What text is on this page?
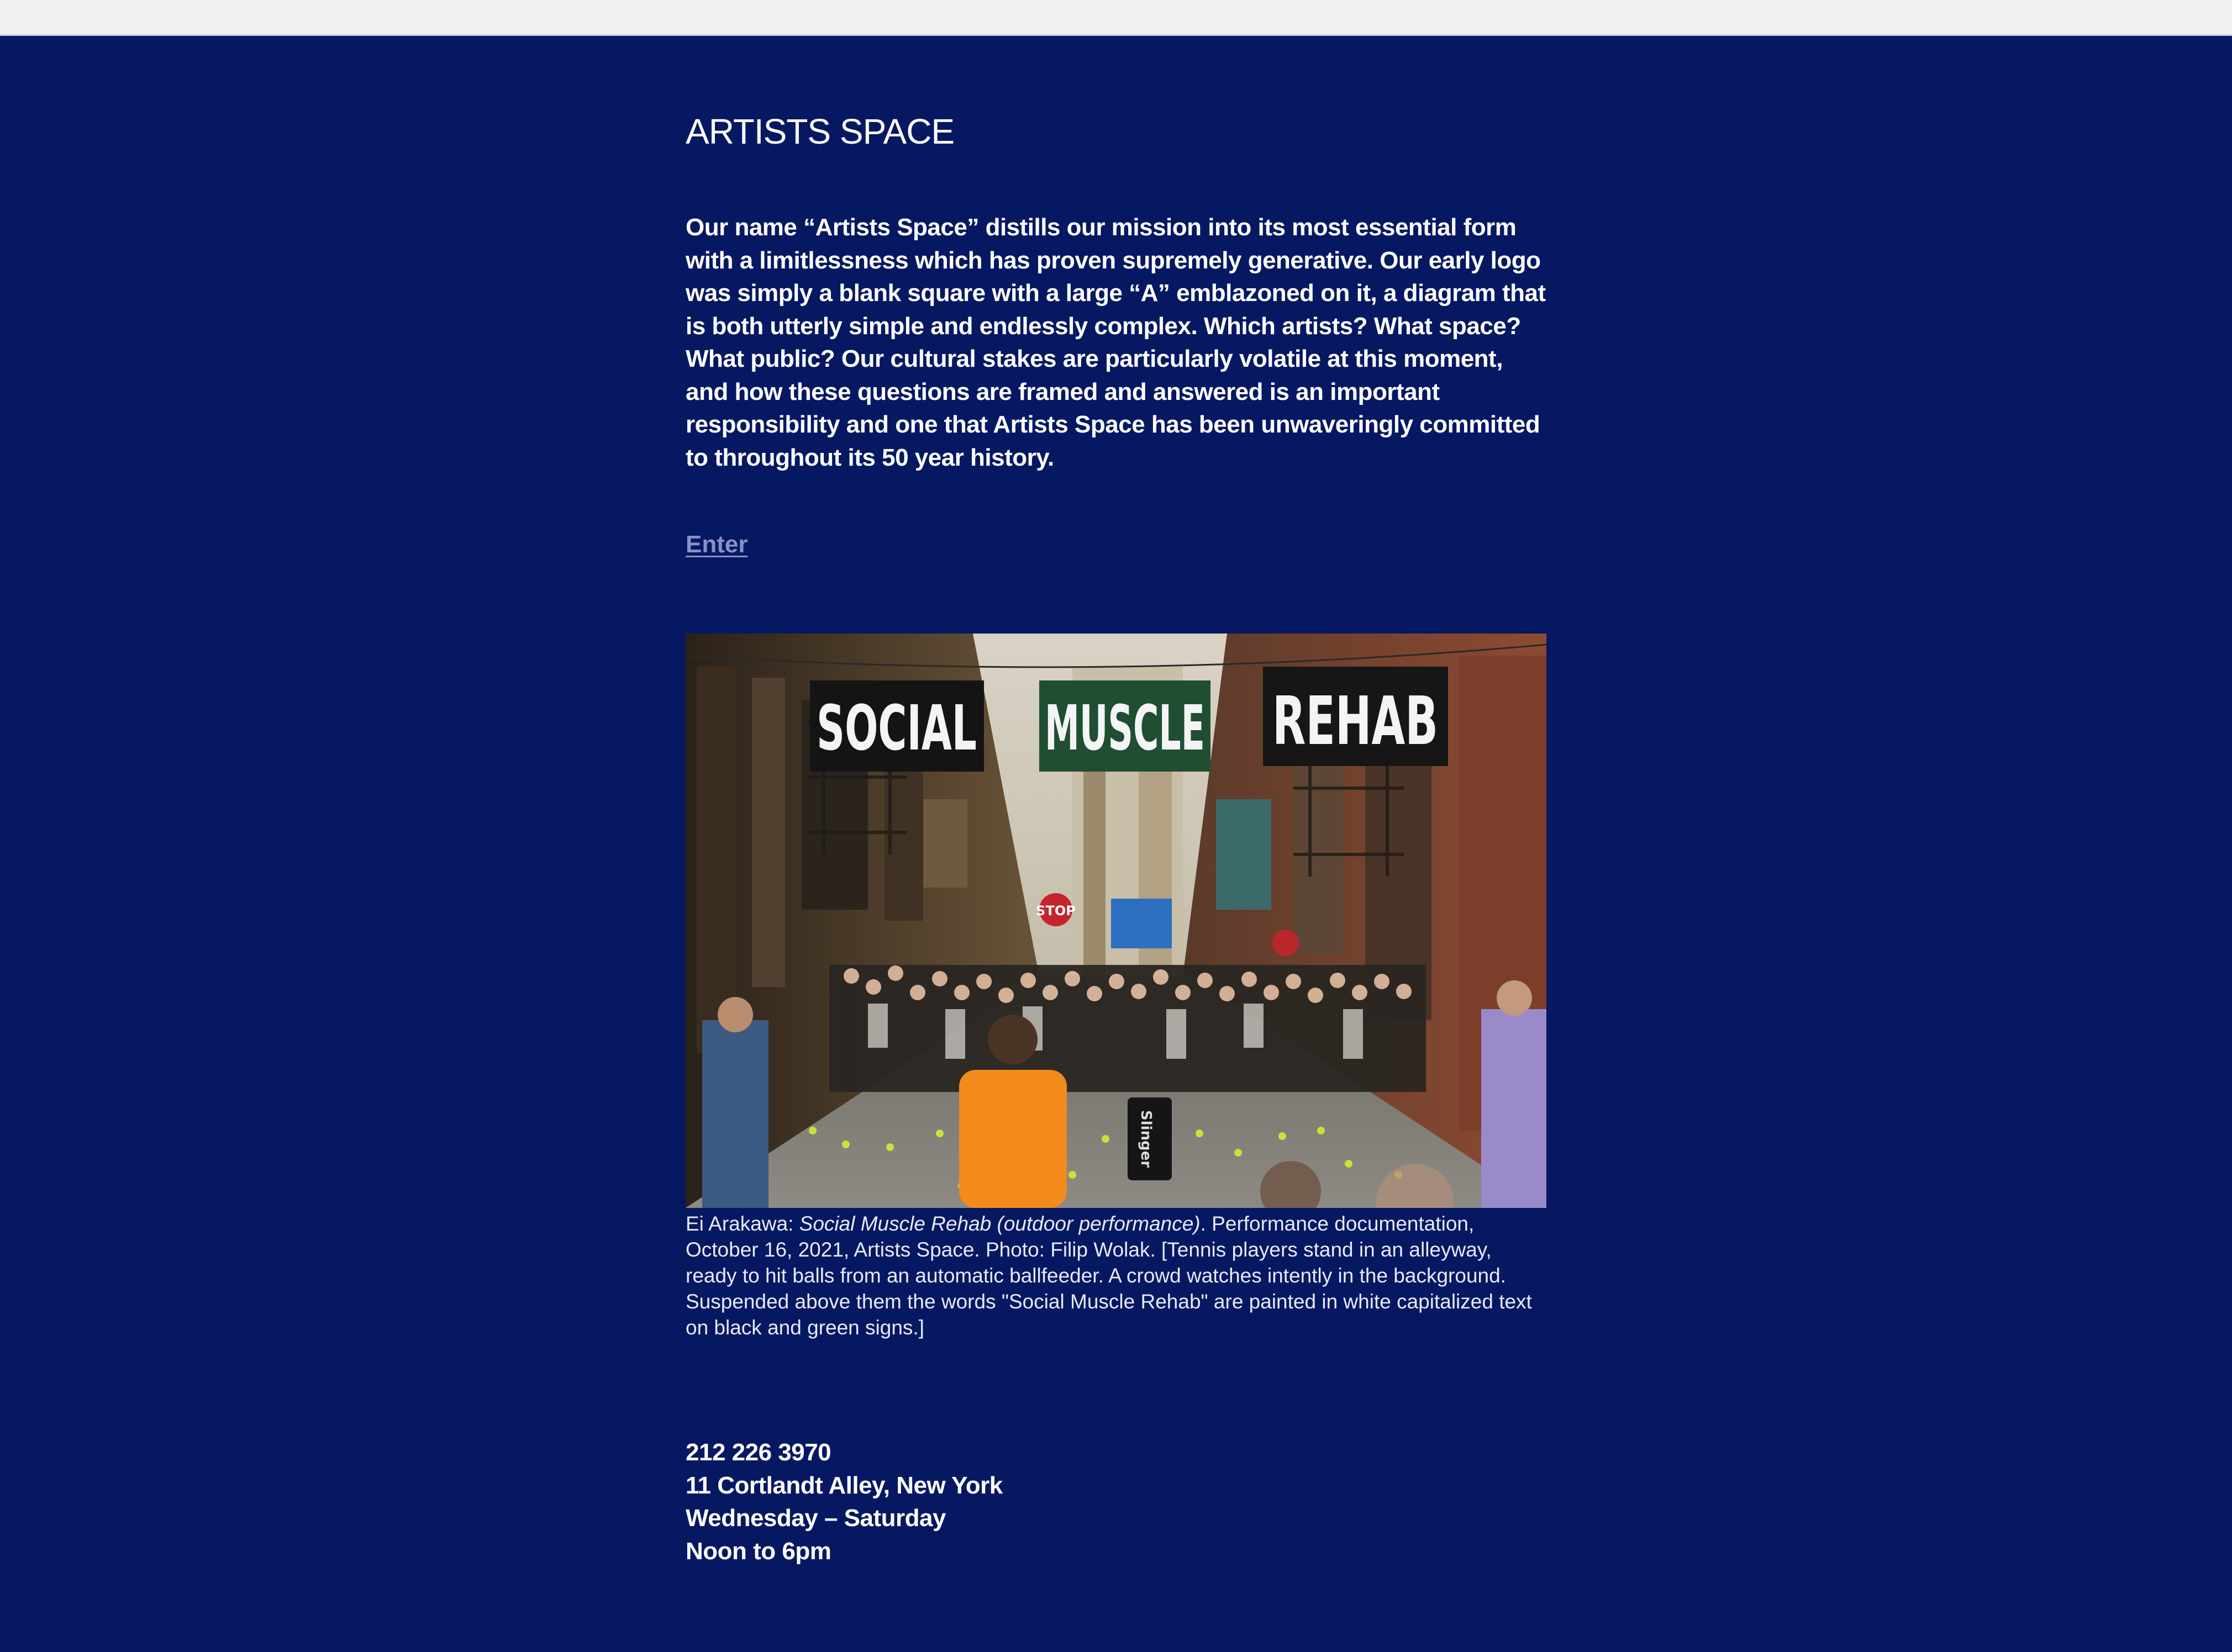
ARTISTS SPACE

Our name “Artists Space” distills our mission into its most essential form with a limitlessness which has proven supremely generative. Our early logo was simply a blank square with a large “A” emblazoned on it, a diagram that is both utterly simple and endlessly complex. Which artists? What space? What public? Our cultural stakes are particularly volatile at this moment, and how these questions are framed and answered is an important responsibility and one that Artists Space has been unwaveringly committed to throughout its 50 year history.

Enter
SOCIAL MUSCLE REHAB
STOP
Slinger

Ei Arakawa: Social Muscle Rehab (outdoor performance). Performance documentation, October 16, 2021, Artists Space. Photo: Filip Wolak. [Tennis players stand in an alleyway, ready to hit balls from an automatic ballfeeder. A crowd watches intently in the background. Suspended above them the words "Social Muscle Rehab" are painted in white capitalized text on black and green signs.]

212 226 3970
11 Cortlandt Alley, New York
Wednesday – Saturday
Noon to 6pm
